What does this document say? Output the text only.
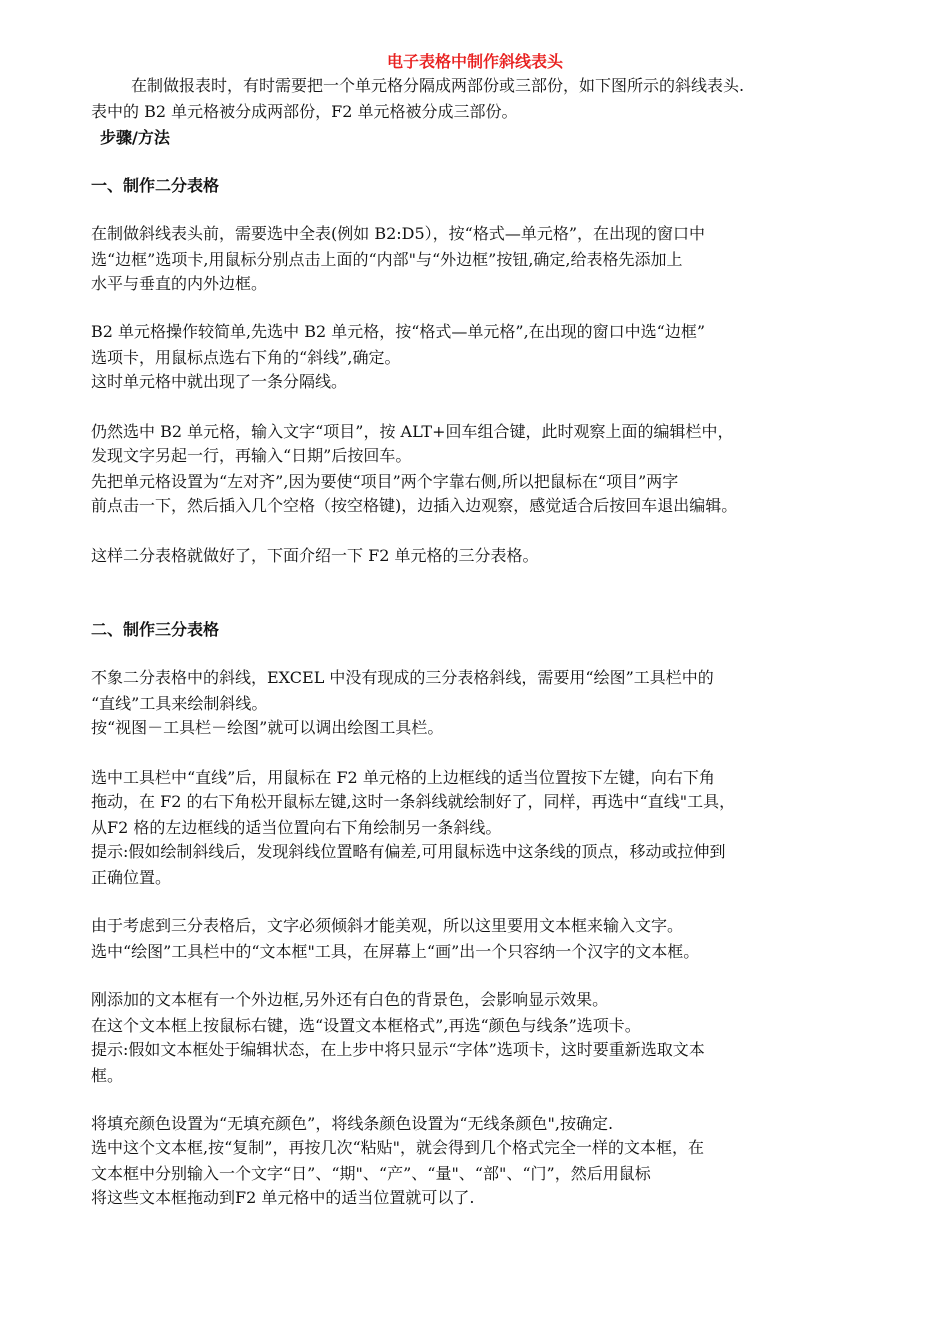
电子表格中制作斜线表头
在制做报表时，有时需要把一个单元格分隔成两部份或三部份，如下图所示的斜线表头.
表中的 B2 单元格被分成两部份，F2 单元格被分成三部份。
步骤/方法
一、制作二分表格
在制做斜线表头前，需要选中全表(例如 B2:D5），按“格式—单元格”，在出现的窗口中
选“边框”选项卡,用鼠标分别点击上面的“内部"与“外边框”按钮,确定,给表格先添加上
水平与垂直的内外边框。
B2 单元格操作较简单,先选中 B2 单元格，按“格式—单元格”,在出现的窗口中选“边框”
选项卡，用鼠标点选右下角的“斜线”,确定。
这时单元格中就出现了一条分隔线。
仍然选中 B2 单元格，输入文字“项目”，按 ALT+回车组合键，此时观察上面的编辑栏中，
发现文字另起一行，再输入“日期”后按回车。
先把单元格设置为“左对齐”,因为要使“项目”两个字靠右侧,所以把鼠标在“项目”两字
前点击一下，然后插入几个空格（按空格键)，边插入边观察，感觉适合后按回车退出编辑。
这样二分表格就做好了，下面介绍一下 F2 单元格的三分表格。
二、制作三分表格
不象二分表格中的斜线，EXCEL 中没有现成的三分表格斜线，需要用“绘图”工具栏中的
“直线”工具来绘制斜线。
按“视图－工具栏－绘图”就可以调出绘图工具栏。
选中工具栏中“直线”后，用鼠标在 F2 单元格的上边框线的适当位置按下左键，向右下角
拖动，在 F2 的右下角松开鼠标左键,这时一条斜线就绘制好了，同样，再选中“直线"工具，
从F2 格的左边框线的适当位置向右下角绘制另一条斜线。
提示:假如绘制斜线后，发现斜线位置略有偏差,可用鼠标选中这条线的顶点，移动或拉伸到
正确位置。
由于考虑到三分表格后，文字必须倾斜才能美观，所以这里要用文本框来输入文字。
选中“绘图”工具栏中的“文本框"工具，在屏幕上“画”出一个只容纳一个汉字的文本框。
刚添加的文本框有一个外边框,另外还有白色的背景色，会影响显示效果。
在这个文本框上按鼠标右键，选“设置文本框格式”,再选“颜色与线条”选项卡。
提示:假如文本框处于编辑状态，在上步中将只显示“字体”选项卡，这时要重新选取文本
框。
将填充颜色设置为“无填充颜色”，将线条颜色设置为“无线条颜色",按确定.
选中这个文本框,按“复制”，再按几次“粘贴"，就会得到几个格式完全一样的文本框，在
文本框中分别输入一个文字“日”、“期"、“产”、“量"、“部"、“门”，然后用鼠标
将这些文本框拖动到F2 单元格中的适当位置就可以了.
